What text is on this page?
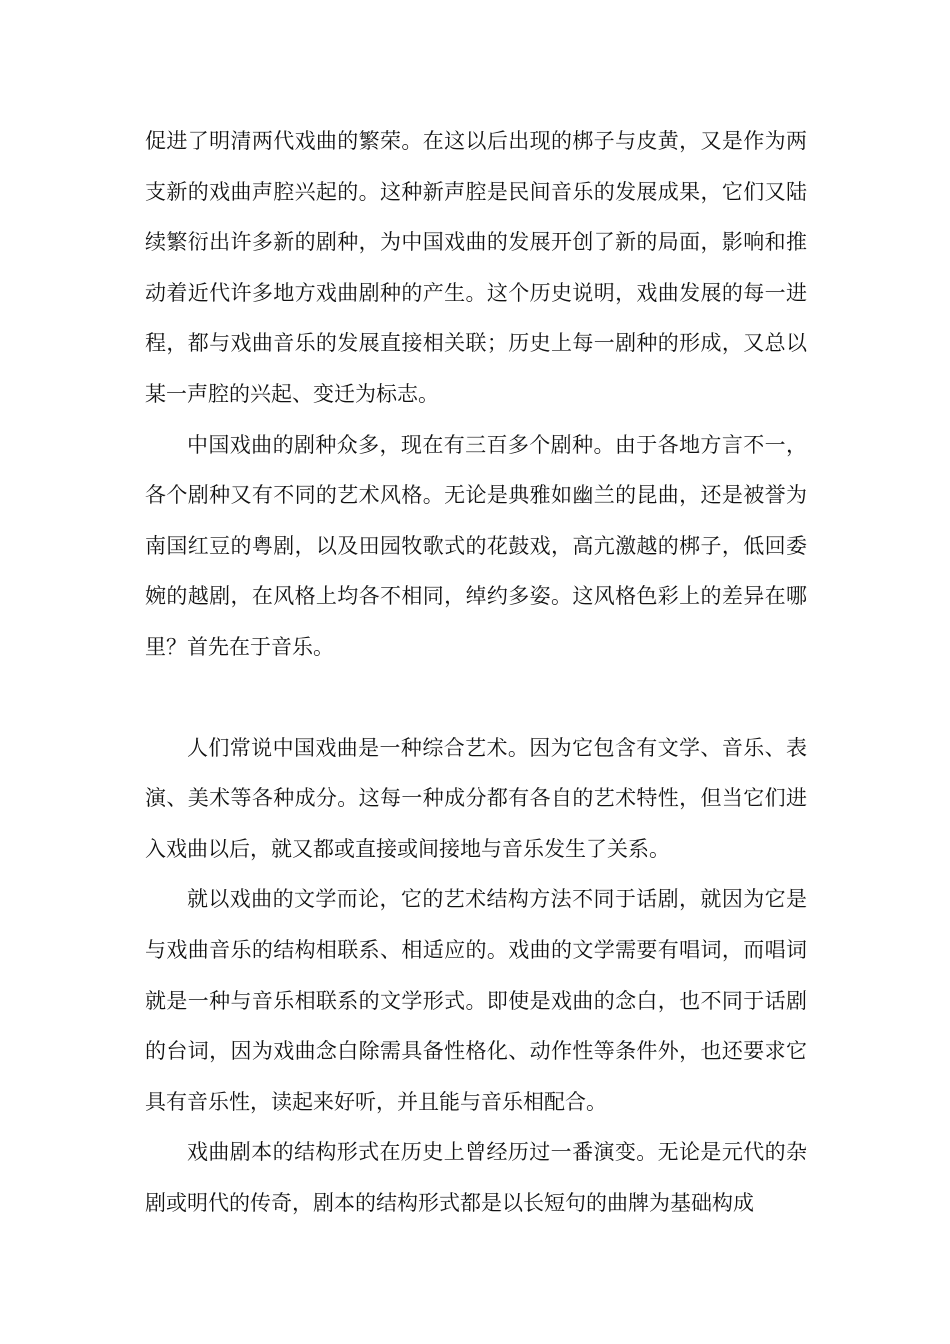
促进了明清两代戏曲的繁荣。在这以后出现的梆子与皮黄，又是作为两支新的戏曲声腔兴起的。这种新声腔是民间音乐的发展成果，它们又陆续繁衍出许多新的剧种，为中国戏曲的发展开创了新的局面，影响和推动着近代许多地方戏曲剧种的产生。这个历史说明，戏曲发展的每一进程，都与戏曲音乐的发展直接相关联；历史上每一剧种的形成，又总以某一声腔的兴起、变迁为标志。

中国戏曲的剧种众多，现在有三百多个剧种。由于各地方言不一，各个剧种又有不同的艺术风格。无论是典雅如幽兰的昆曲，还是被誉为南国红豆的粤剧，以及田园牧歌式的花鼓戏，高亢激越的梆子，低回委婉的越剧，在风格上均各不相同，绰约多姿。这风格色彩上的差异在哪里？首先在于音乐。

人们常说中国戏曲是一种综合艺术。因为它包含有文学、音乐、表演、美术等各种成分。这每一种成分都有各自的艺术特性，但当它们进入戏曲以后，就又都或直接或间接地与音乐发生了关系。

就以戏曲的文学而论，它的艺术结构方法不同于话剧，就因为它是与戏曲音乐的结构相联系、相适应的。戏曲的文学需要有唱词，而唱词就是一种与音乐相联系的文学形式。即使是戏曲的念白，也不同于话剧的台词，因为戏曲念白除需具备性格化、动作性等条件外，也还要求它具有音乐性，读起来好听，并且能与音乐相配合。

戏曲剧本的结构形式在历史上曾经历过一番演变。无论是元代的杂剧或明代的传奇，剧本的结构形式都是以长短句的曲牌为基础构成
